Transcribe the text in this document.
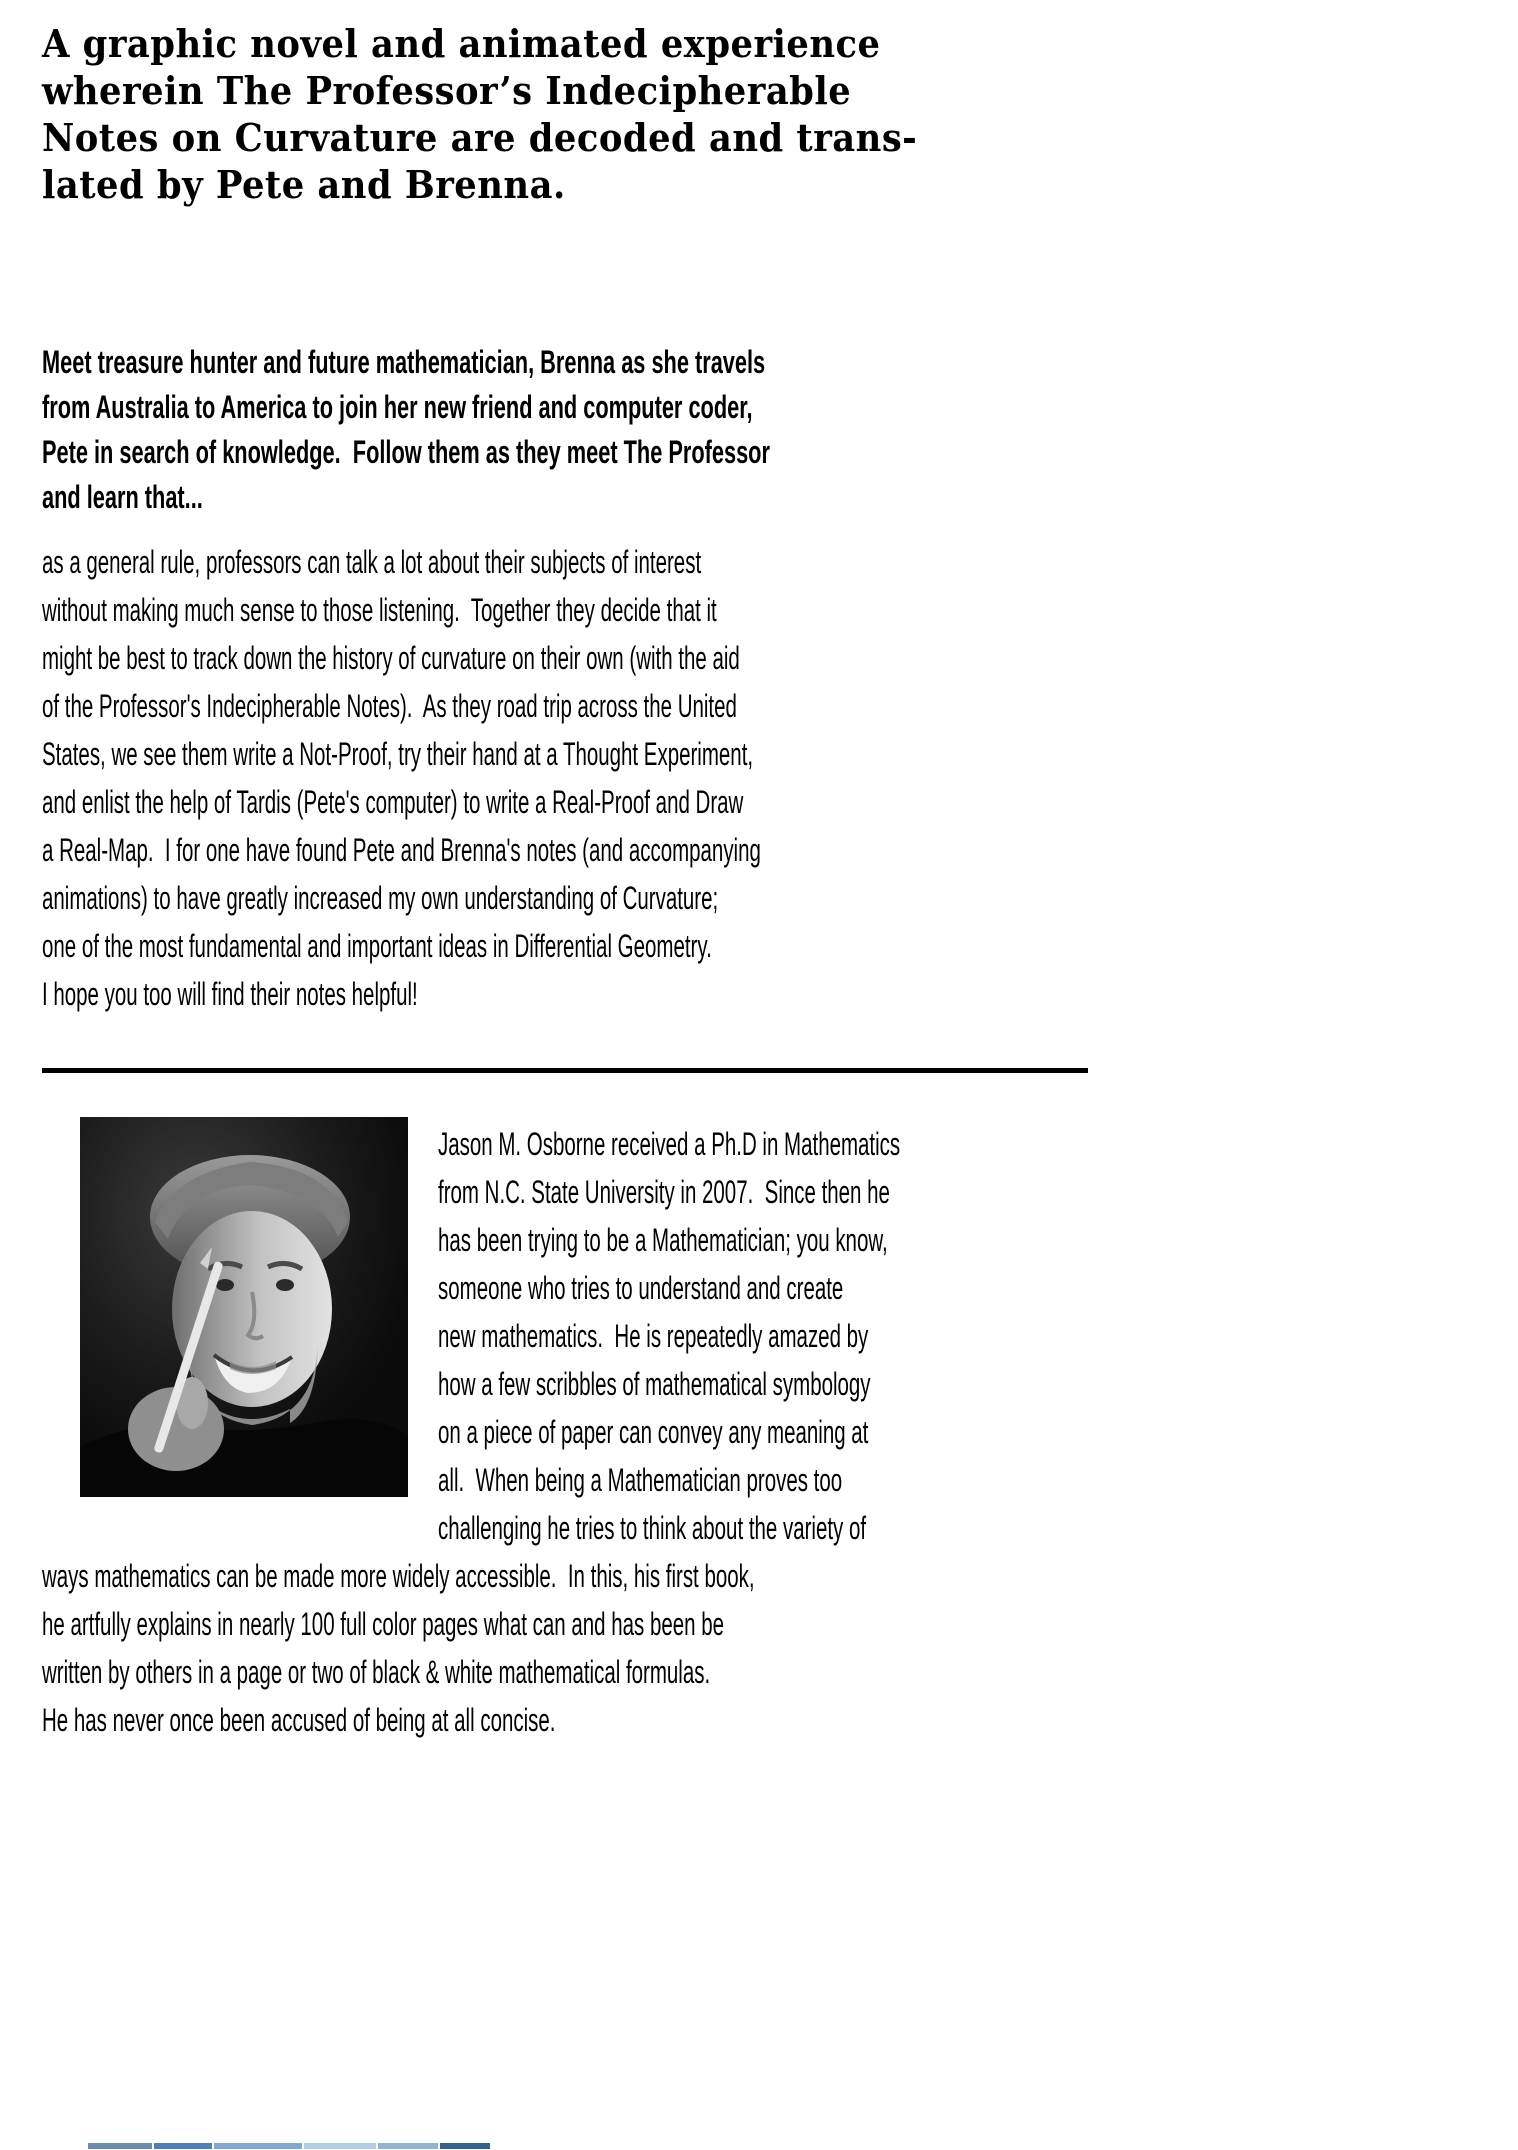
A graphic novel and animated experience
wherein The Professor’s Indecipherable
Notes on Curvature are decoded and trans-
lated by Pete and Brenna.
Meet treasure hunter and future mathematician, Brenna as she travels
from Australia to America to join her new friend and computer coder,
Pete in search of knowledge.  Follow them as they meet The Professor
and learn that...
as a general rule, professors can talk a lot about their subjects of interest
without making much sense to those listening.  Together they decide that it
might be best to track down the history of curvature on their own (with the aid
of the Professor's Indecipherable Notes).  As they road trip across the United
States, we see them write a Not-Proof, try their hand at a Thought Experiment,
and enlist the help of Tardis (Pete's computer) to write a Real-Proof and Draw
a Real-Map.  I for one have found Pete and Brenna's notes (and accompanying
animations) to have greatly increased my own understanding of Curvature;
one of the most fundamental and important ideas in Differential Geometry.
I hope you too will find their notes helpful!
Jason M. Osborne received a Ph.D in Mathematics
from N.C. State University in 2007.  Since then he
has been trying to be a Mathematician; you know,
someone who tries to understand and create
new mathematics.  He is repeatedly amazed by
how a few scribbles of mathematical symbology
on a piece of paper can convey any meaning at
all.  When being a Mathematician proves too
challenging he tries to think about the variety of
ways mathematics can be made more widely accessible.  In this, his first book,
he artfully explains in nearly 100 full color pages what can and has been be
written by others in a page or two of black & white mathematical formulas.
He has never once been accused of being at all concise.
